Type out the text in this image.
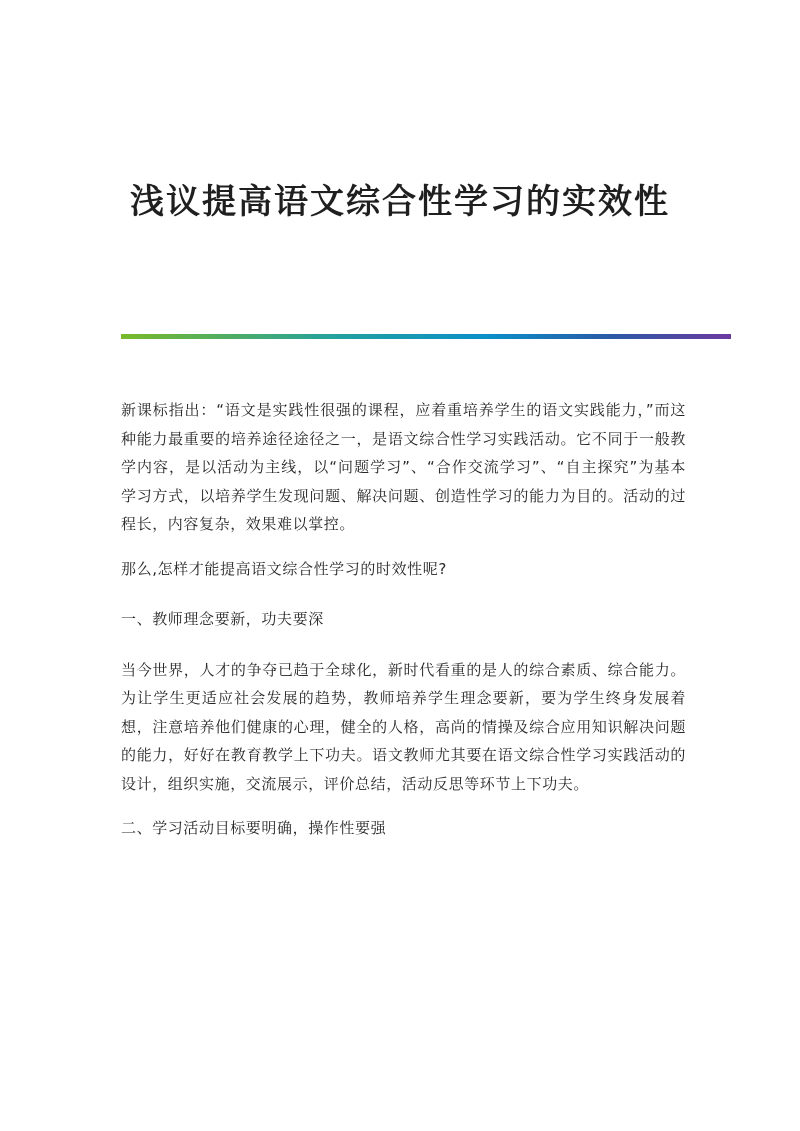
浅议提高语文综合性学习的实效性

新课标指出：“语文是实践性很强的课程，应着重培养学生的语文实践能力，”而这种能力最重要的培养途径途径之一，是语文综合性学习实践活动。它不同于一般教学内容，是以活动为主线，以“问题学习”、“合作交流学习”、“自主探究”为基本学习方式，以培养学生发现问题、解决问题、创造性学习的能力为目的。活动的过程长，内容复杂，效果难以掌控。

那么,怎样才能提高语文综合性学习的时效性呢?

一、教师理念要新，功夫要深

当今世界，人才的争夺已趋于全球化，新时代看重的是人的综合素质、综合能力。为让学生更适应社会发展的趋势，教师培养学生理念要新，要为学生终身发展着想，注意培养他们健康的心理，健全的人格，高尚的情操及综合应用知识解决问题的能力，好好在教育教学上下功夫。语文教师尤其要在语文综合性学习实践活动的设计，组织实施，交流展示，评价总结，活动反思等环节上下功夫。

二、学习活动目标要明确，操作性要强
